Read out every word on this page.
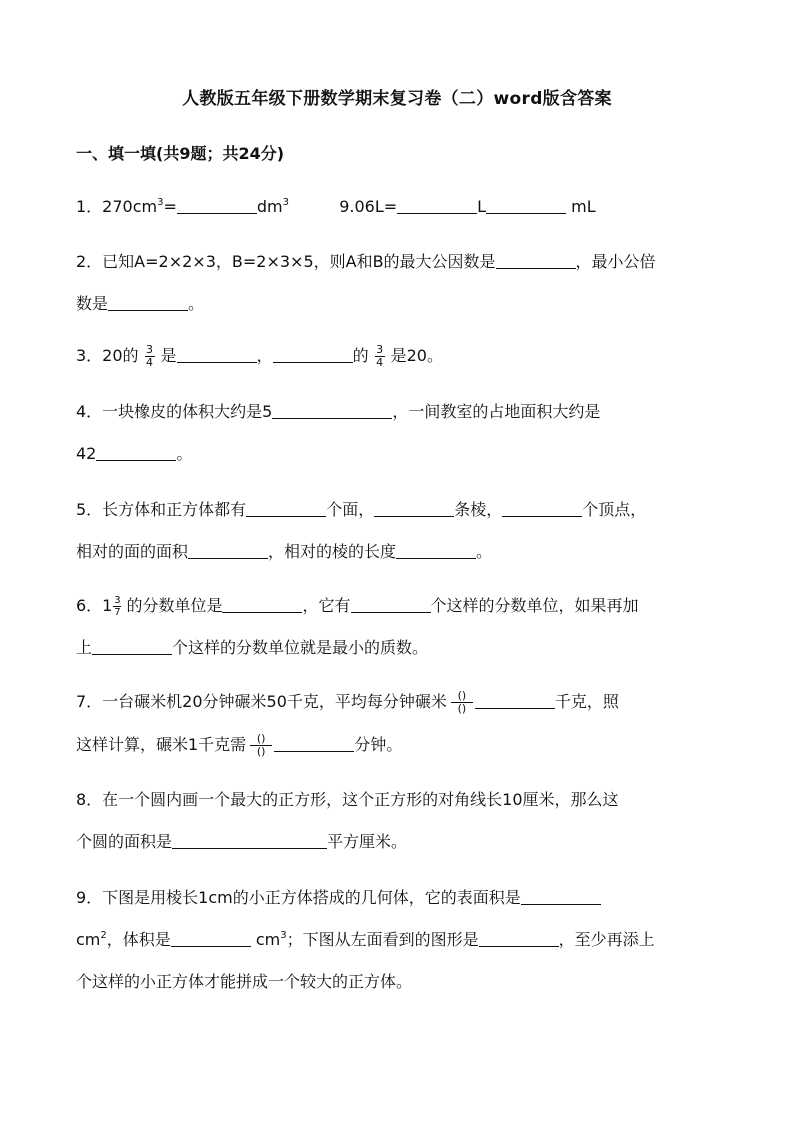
人教版五年级下册数学期末复习卷（二）word版含答案
一、填一填(共9题；共24分)
1．$270cm^3=$	$dm^3$	9.06L=	L	mL
2．已知A=2×2×3，B=2×3×5，则A和B的最大公因数是	，最小公倍
数是	。
3．20的 $\frac{3}{4}$ 是	，	的 $\frac{3}{4}$ 是20。
4．一块橡皮的体积大约是5	，一间教室的占地面积大约是
42	。
5．长方体和正方体都有	个面，	条棱，	个顶点，
相对的面的面积	，相对的棱的长度	。
6．$1 \frac{3}{7}$ 的分数单位是	，它有	个这样的分数单位，如果再加
上	个这样的分数单位就是最小的质数。
7．一台碾米机20分钟碾米50千克，平均每分钟碾米 ()
()	千克，照
这样计算，碾米1千克需 ()
()	分钟。
8．在一个圆内画一个最大的正方形，这个正方形的对角线长10厘米，那么这
个圆的面积是	平方厘米。
9．下图是用棱长1cm的小正方体搭成的几何体，它的表面积是
$cm^2$，体积是	$cm^3$；下图从左面看到的图形是	，至少再添上
个这样的小正方体才能拼成一个较大的正方体。
